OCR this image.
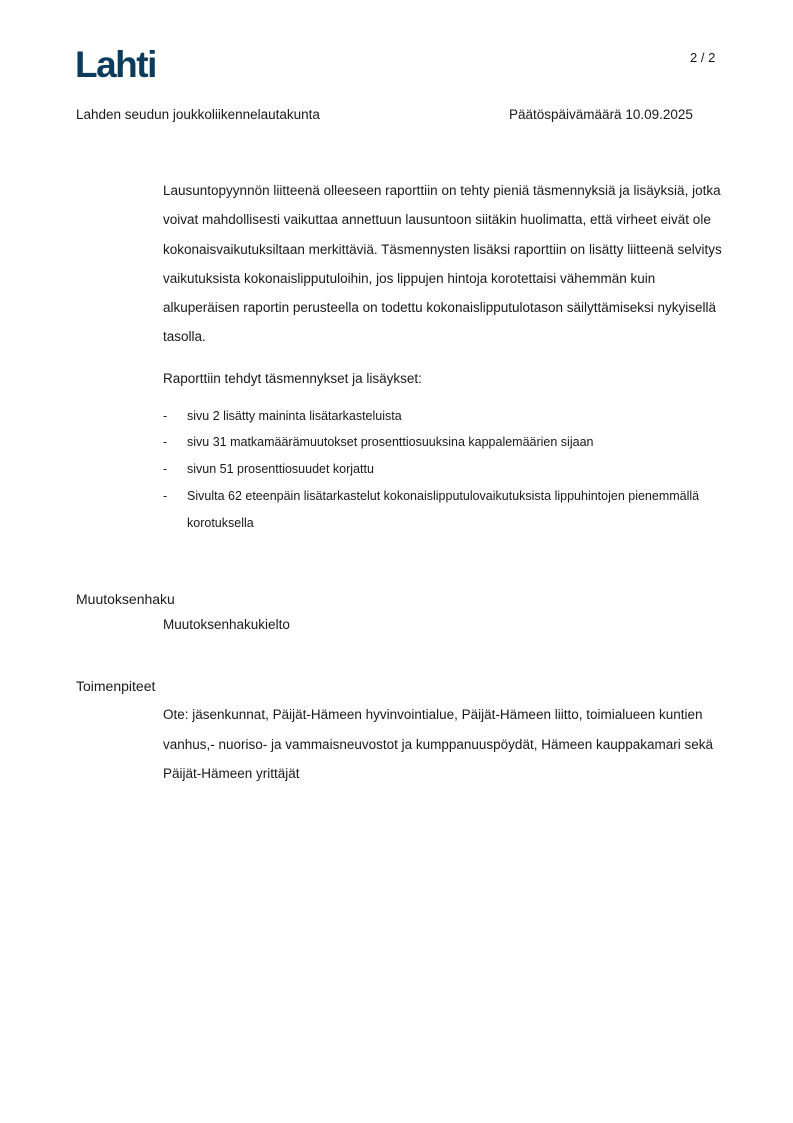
Lahti	2 / 2
Lahden seudun joukkoliikennelautakunta	Päätöspäivämäärä 10.09.2025

Lausuntopyynnön liitteenä olleeseen raporttiin on tehty pieniä täsmennyksiä ja lisäyksiä, jotka voivat mahdollisesti vaikuttaa annettuun lausuntoon siitäkin huolimatta, että virheet eivät ole kokonaisvaikutuksiltaan merkittäviä. Täsmennysten lisäksi raporttiin on lisätty liitteenä selvitys vaikutuksista kokonaislipputuloihin, jos lippujen hintoja korotettaisi vähemmän kuin alkuperäisen raportin perusteella on todettu kokonaislipputulotason säilyttämiseksi nykyisellä tasolla.

Raporttiin tehdyt täsmennykset ja lisäykset:

- sivu 2 lisätty maininta lisätarkasteluista
- sivu 31 matkamäärämuutokset prosenttiosuuksina kappalemäärien sijaan
- sivun 51 prosenttiosuudet korjattu
- Sivulta 62 eteenpäin lisätarkastelut kokonaislipputulovaikutuksista lippuhintojen pienemmällä korotuksella
Muutoksenhaku
Muutoksenhakukielto
Toimenpiteet

Ote: jäsenkunnat, Päijät-Hämeen hyvinvointialue, Päijät-Hämeen liitto, toimialueen kuntien vanhus,- nuoriso- ja vammaisneuvostot ja kumppanuuspöydät, Hämeen kauppakamari sekä Päijät-Hämeen yrittäjät
